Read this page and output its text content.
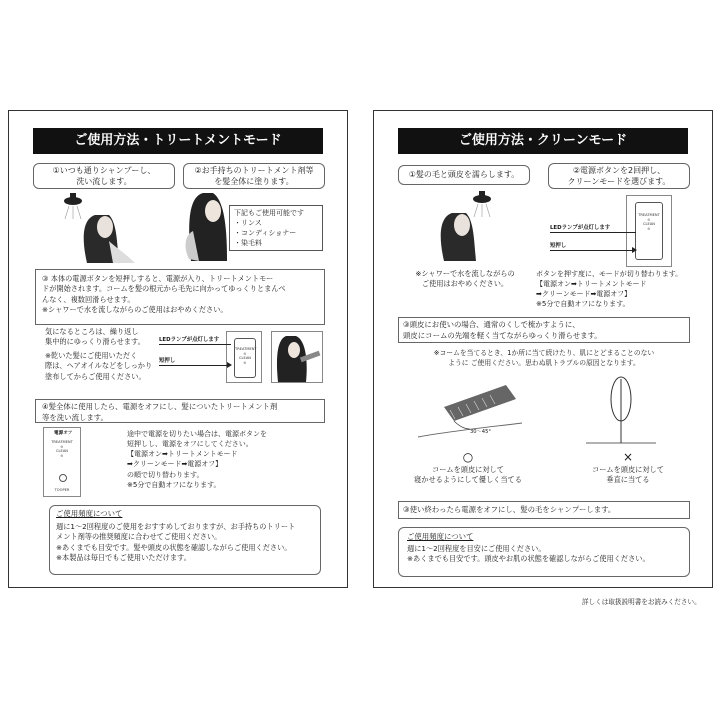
ご使用方法・トリートメントモード
①いつも通りシャンプーし、
洗い流します。
②お手持ちのトリートメント剤等
を髪全体に塗ります。
下記もご使用可能です
・リンス
・コンディショナー
・染毛料
③ 本体の電源ボタンを短押しすると、電源が入り、トリートメントモー
ドが開始されます。コームを髪の根元から毛先に向かってゆっくりとまんべ
んなく、複数回滑らせます。
※シャワーで水を流しながらのご使用はおやめください。
気になるところは、繰り返し
集中的にゆっくり滑らせます。
※乾いた髪にご使用いただく
際は、ヘアオイルなどをしっかり
塗布してからご使用ください。
TREATMENT
⊙
CLEAN
⊙
LEDランプが点灯します
短押し
④髪全体に使用したら、電源をオフにし、髪についたトリートメント剤
等を洗い流します。
電源オフ
TREATMENT
⊙
CLEAN
⊙
TOOPER
途中で電源を切りたい場合は、電源ボタンを
短押しし、電源をオフにしてください。
【電源オン➡トリートメントモード
➡クリーンモード➡電源オフ】
の順で切り替わります。
※5分で自動オフになります。
ご使用頻度について
週に1〜2回程度のご使用をおすすめしておりますが、お手持ちのトリート
メント剤等の推奨頻度に合わせてご使用ください。
※あくまでも目安です。髪や頭皮の状態を確認しながらご使用ください。
※本製品は毎日でもご使用いただけます。
ご使用方法・クリーンモード
①髪の毛と頭皮を濡らします。
※シャワーで水を流しながらの
ご使用はおやめください。
②電源ボタンを2回押し、
クリーンモードを選びます。
TREATMENT
⊙
CLEAN
⊙
LEDランプが点灯します
短押し
ボタンを押す度に、モードが切り替わります。
【電源オン➡トリートメントモード
➡クリーンモード➡電源オフ】
※5分で自動オフになります。
③頭皮にお使いの場合、通常のくしで梳かすように、
頭皮にコームの先端を軽く当てながらゆっくり滑らせます。
※コームを当てるとき、1か所に当て続けたり、肌にとどまることのない
ように ご使用ください。思わぬ肌トラブルの原因となります。
30〜45°
○
コームを頭皮に対して
寝かせるようにして優しく当てる
×
コームを頭皮に対して
垂直に当てる
③使い終わったら電源をオフにし、髪の毛をシャンプーします。
ご使用頻度について
週に1〜2回程度を目安にご使用ください。
※あくまでも目安です。頭皮やお肌の状態を確認しながらご使用ください。
詳しくは取扱説明書をお読みください。
